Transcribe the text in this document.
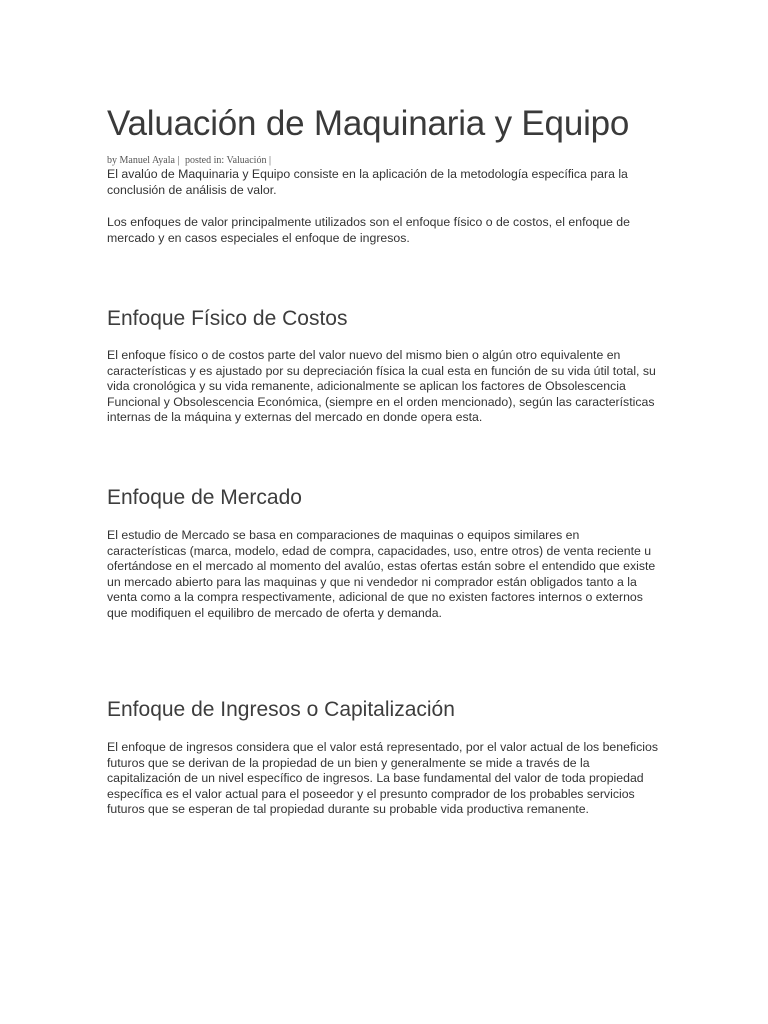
Valuación de Maquinaria y Equipo
by Manuel Ayala | posted in: Valuación |

El avalúo de Maquinaria y Equipo consiste en la aplicación de la metodología específica para la conclusión de análisis de valor.

Los enfoques de valor principalmente utilizados son el enfoque físico o de costos, el enfoque de mercado y en casos especiales el enfoque de ingresos.

Enfoque Físico de Costos

El enfoque físico o de costos parte del valor nuevo del mismo bien o algún otro equivalente en características y es ajustado por su depreciación física la cual esta en función de su vida útil total, su vida cronológica y su vida remanente, adicionalmente se aplican los factores de Obsolescencia Funcional y Obsolescencia Económica, (siempre en el orden mencionado), según las características internas de la máquina y externas del mercado en donde opera esta.

Enfoque de Mercado

El estudio de Mercado se basa en comparaciones de maquinas o equipos similares en características (marca, modelo, edad de compra, capacidades, uso, entre otros) de venta reciente u ofertándose en el mercado al momento del avalúo, estas ofertas están sobre el entendido que existe un mercado abierto para las maquinas y que ni vendedor ni comprador están obligados tanto a la venta como a la compra respectivamente, adicional de que no existen factores internos o externos que modifiquen el equilibro de mercado de oferta y demanda.

Enfoque de Ingresos o Capitalización

El enfoque de ingresos considera que el valor está representado, por el valor actual de los beneficios futuros que se derivan de la propiedad de un bien y generalmente se mide a través de la capitalización de un nivel específico de ingresos. La base fundamental del valor de toda propiedad específica es el valor actual para el poseedor y el presunto comprador de los probables servicios futuros que se esperan de tal propiedad durante su probable vida productiva remanente.
